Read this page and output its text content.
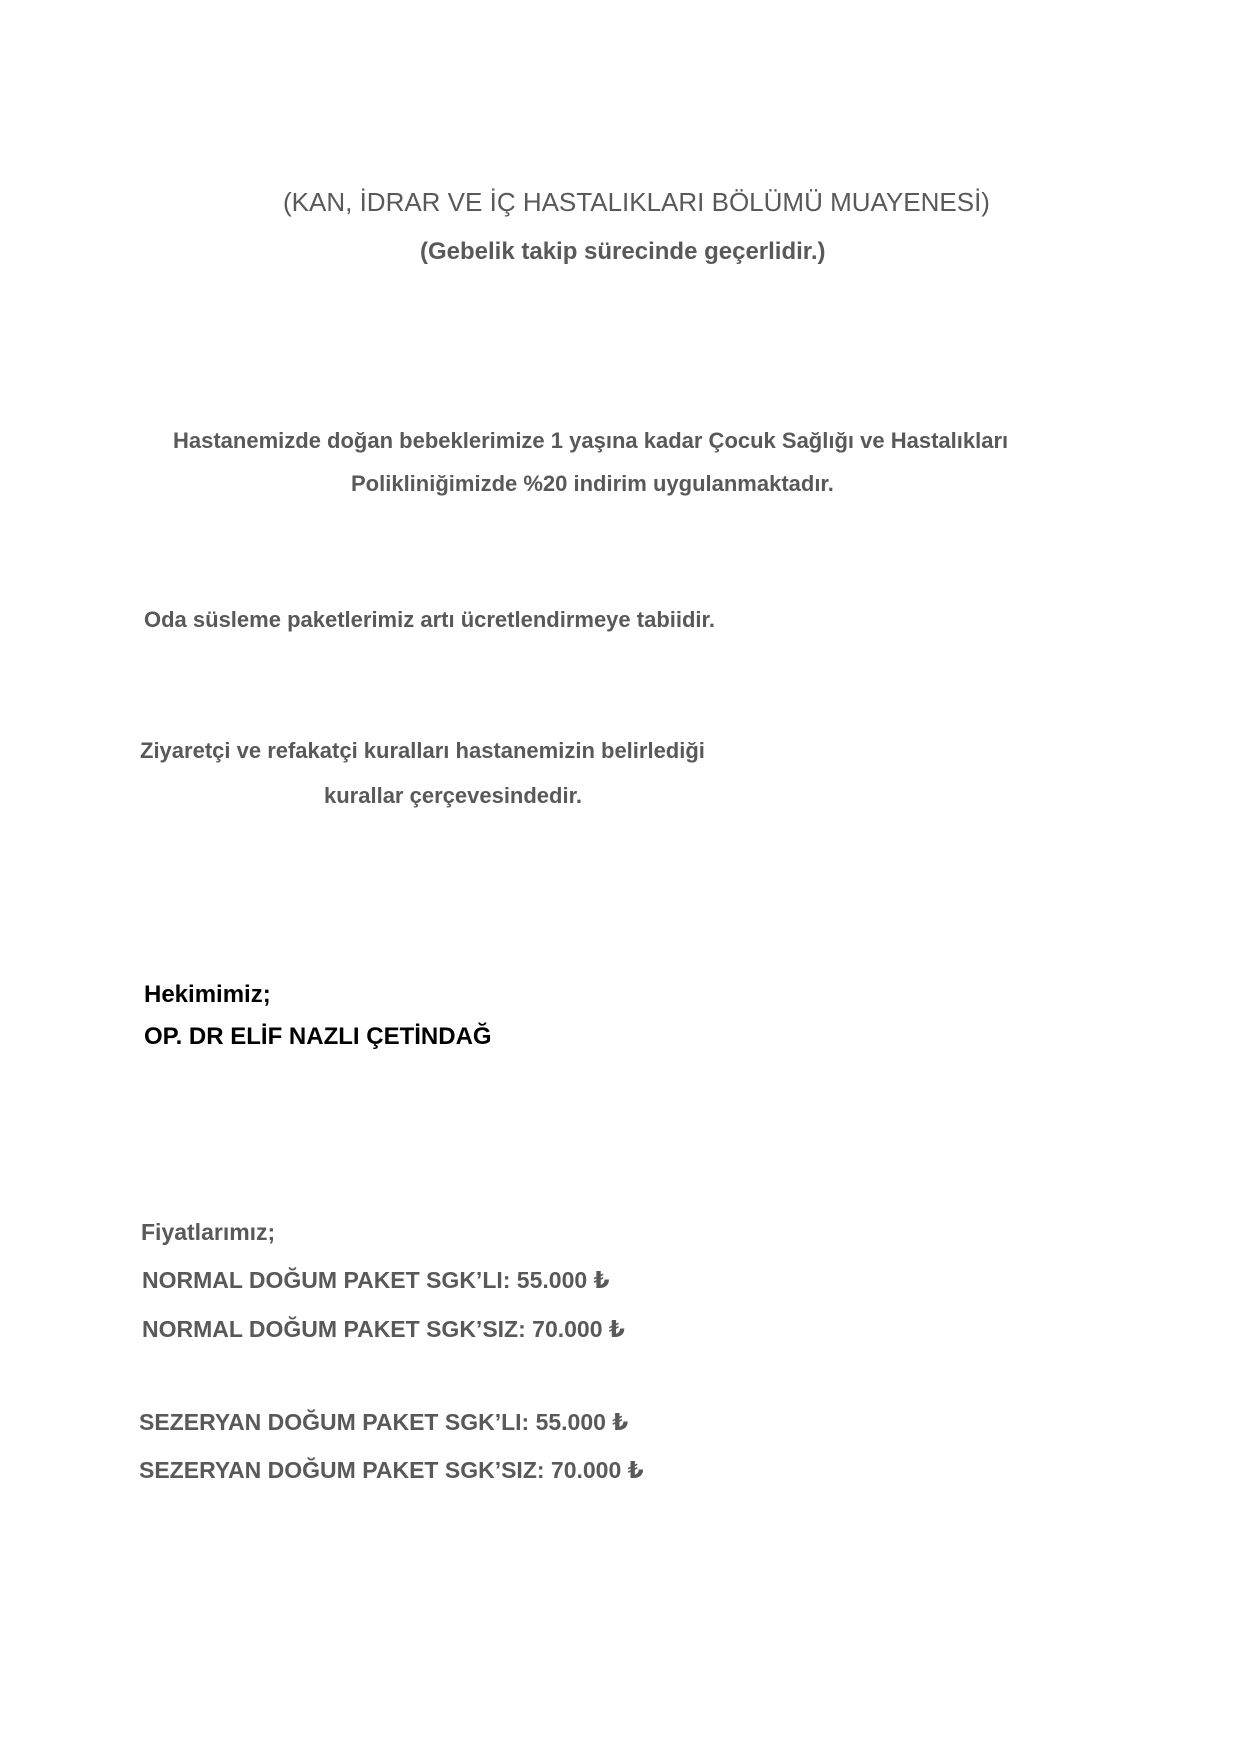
(KAN, İDRAR VE İÇ HASTALIKLARI BÖLÜMÜ MUAYENESİ)
(Gebelik takip sürecinde geçerlidir.)
Hastanemizde doğan bebeklerimize 1 yaşına kadar Çocuk Sağlığı ve Hastalıkları
Polikliniğimizde %20 indirim uygulanmaktadır.
Oda süsleme paketlerimiz artı ücretlendirmeye tabiidir.
Ziyaretçi ve refakatçi kuralları hastanemizin belirlediği
kurallar çerçevesindedir.
Hekimimiz;
OP. DR ELİF NAZLI ÇETİNDAĞ
Fiyatlarımız;
NORMAL DOĞUM PAKET SGK’LI: 55.000 ₺
NORMAL DOĞUM PAKET SGK’SIZ: 70.000 ₺
SEZERYAN DOĞUM PAKET SGK’LI: 55.000 ₺
SEZERYAN DOĞUM PAKET SGK’SIZ: 70.000 ₺
